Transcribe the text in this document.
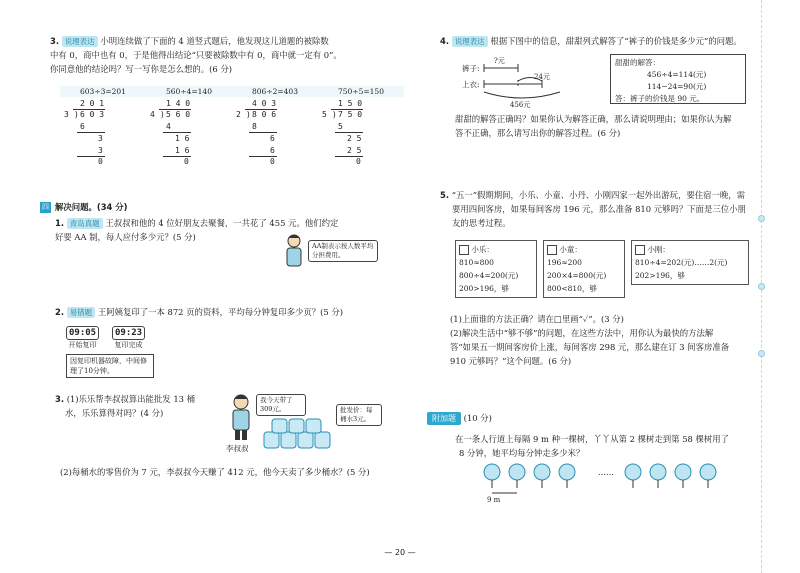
3. 说理表达 小明连续做了下面的 4 道竖式题后，他发现这儿道题的被除数
中有 0，商中也有 0，于是他得出结论“只要被除数中有 0，商中就一定有 0”。
你同意他的结论吗？写一写你是怎么想的。(6 分)
603÷3=201
2 0 1
3 ) 6 0 3
6
3
3
0
560÷4=140
1 4 0
4 ) 5 6 0
4
1 6
1 6
0
806÷2=403
4 0 3
2 ) 8 0 6
8
6
6
0
750÷5=150
1 5 0
5 ) 7 5 0
5
2 5
2 5
0
四 解决问题。(34 分)
1. 青岛真题 王叔叔和他的 4 位好朋友去聚餐，一共花了 455 元。他们约定
好要 AA 制，每人应付多少元？(5 分)
AA制表示按人数平均分担费用。
2. 易错题 王阿姨复印了一本 872 页的资料，平均每分钟复印多少页？(5 分)
09:05
开始复印
09:23
复印完成
因复印机器故障，中间修理了10分钟。
3. (1)乐乐帮李叔叔算出能批发 13 桶
水，乐乐算得对吗？(4 分)
我今天带了309元。
李叔叔
批发价：每桶水3元。
(2)每桶水的零售价为 7 元，李叔叔今天赚了 412 元，他今天卖了多少桶水？(5 分)
— 20 —
4. 说理表达 根据下图中的信息，甜甜列式解答了“裤子的价钱是多少元”的问题。
裤子:
上衣:
?元
24元
456元
甜甜的解答：
456÷4=114(元)
114−24=90(元)
答：裤子的价钱是 90 元。
甜甜的解答正确吗？如果你认为解答正确，那么请说明理由；如果你认为解
答不正确，那么请写出你的解答过程。(6 分)
5. “五一”假期期间，小乐、小童、小丹、小刚四家一起外出游玩，要住宿一晚，需
要用四间客房，如果每间客房 196 元，那么准备 810 元够吗？下面是三位小朋
友的思考过程。
小乐：
810≈800
800÷4=200(元)
200>196，够
小童：
196≈200
200×4=800(元)
800<810，够
小刚：
810÷4=202(元)……2(元)
202>196，够
(1)上面谁的方法正确？请在□里画“✓”。(3 分)
(2)解决生活中“够不够”的问题，在这些方法中，用你认为最快的方法解
答“如果五一期间客房价上涨，每间客房 298 元，那么建在订 3 间客房准备
910 元够吗？”这个问题。(6 分)
附加题 (10 分)
在一条人行道上每隔 9 m 种一棵树，丫丫从第 2 棵树走到第 58 棵树用了
8 分钟，她平均每分钟走多少米？
……
9 m
